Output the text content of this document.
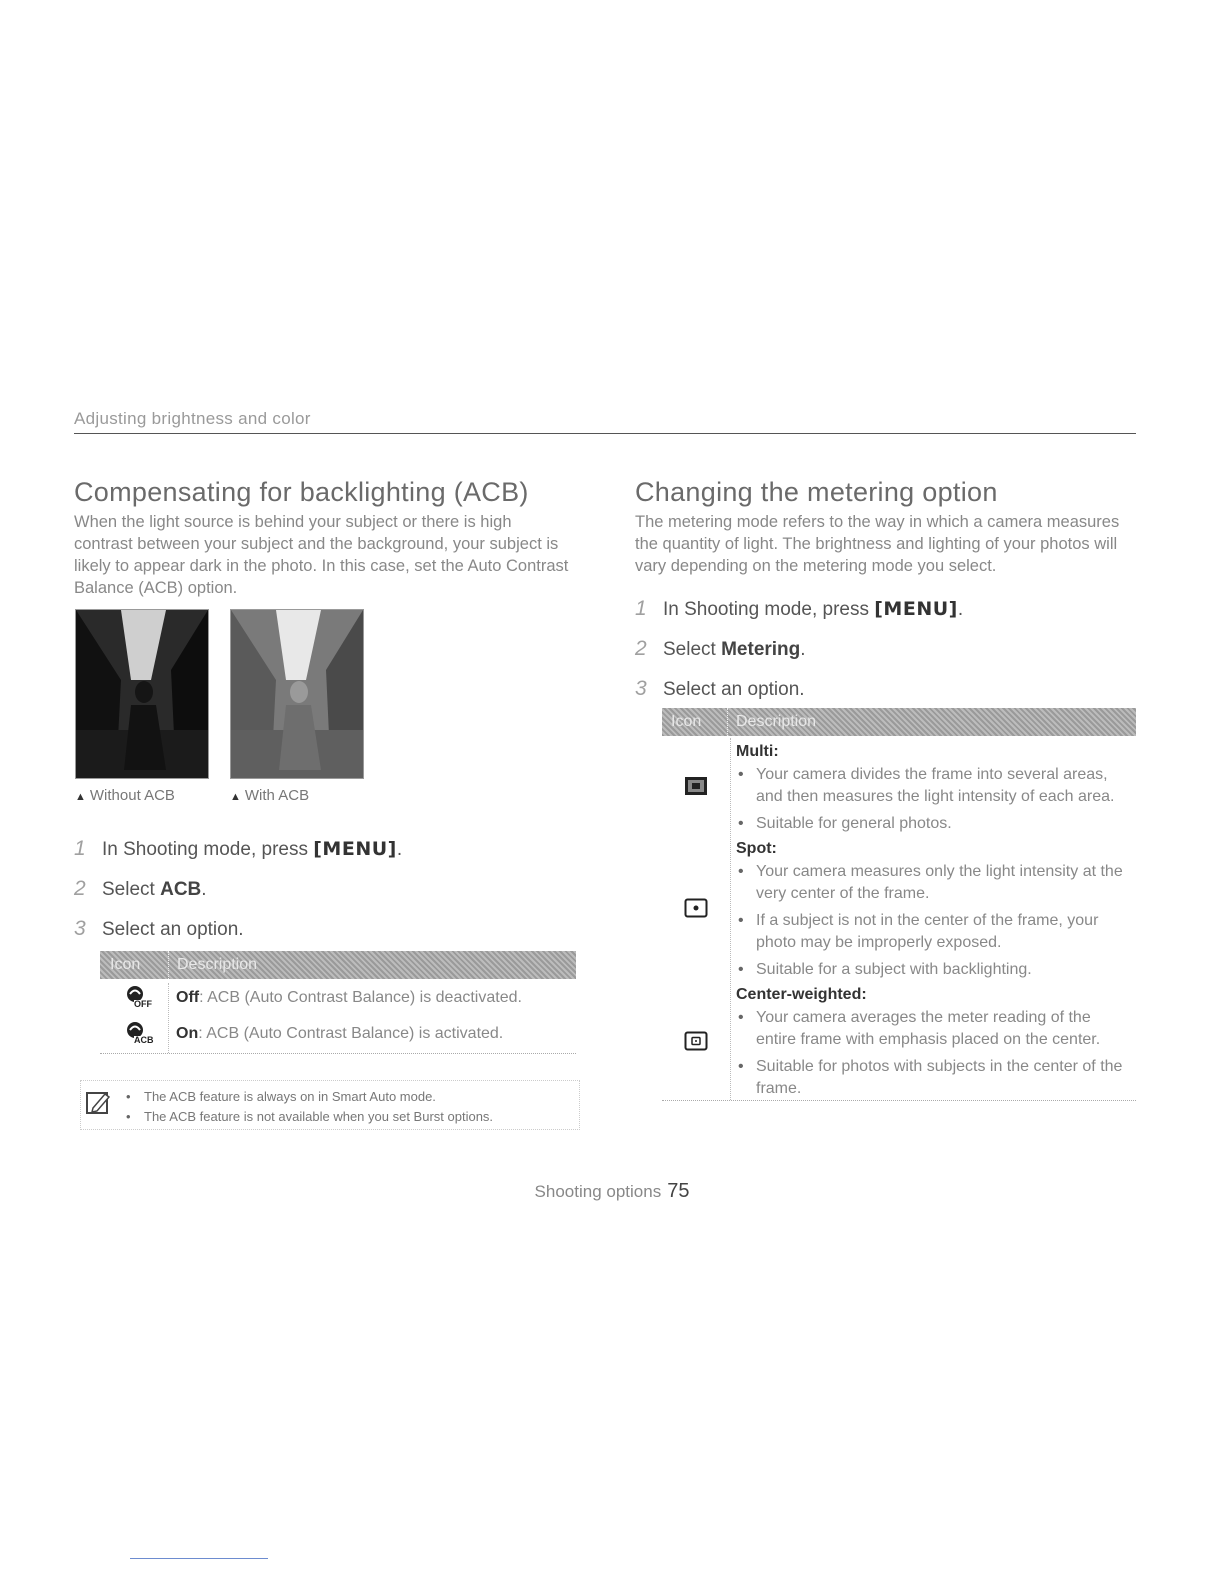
Adjusting brightness and color
Compensating for backlighting (ACB)
When the light source is behind your subject or there is high contrast between your subject and the background, your subject is likely to appear dark in the photo. In this case, set the Auto Contrast Balance (ACB) option.
▲ Without ACB	▲ With ACB
1 In Shooting mode, press [MENU].
2 Select ACB.
3 Select an option.
Icon Description
OFF Off: ACB (Auto Contrast Balance) is deactivated.
ACB On: ACB (Auto Contrast Balance) is activated.
• The ACB feature is always on in Smart Auto mode.
• The ACB feature is not available when you set Burst options.
Changing the metering option
The metering mode refers to the way in which a camera measures the quantity of light. The brightness and lighting of your photos will vary depending on the metering mode you select.
1 In Shooting mode, press [MENU].
2 Select Metering.
3 Select an option.
Icon Description
Multi:
• Your camera divides the frame into several areas, and then measures the light intensity of each area.
• Suitable for general photos.
Spot:
• Your camera measures only the light intensity at the very center of the frame.
• If a subject is not in the center of the frame, your photo may be improperly exposed.
• Suitable for a subject with backlighting.
Center-weighted:
• Your camera averages the meter reading of the entire frame with emphasis placed on the center.
• Suitable for photos with subjects in the center of the frame.
Shooting options 75
